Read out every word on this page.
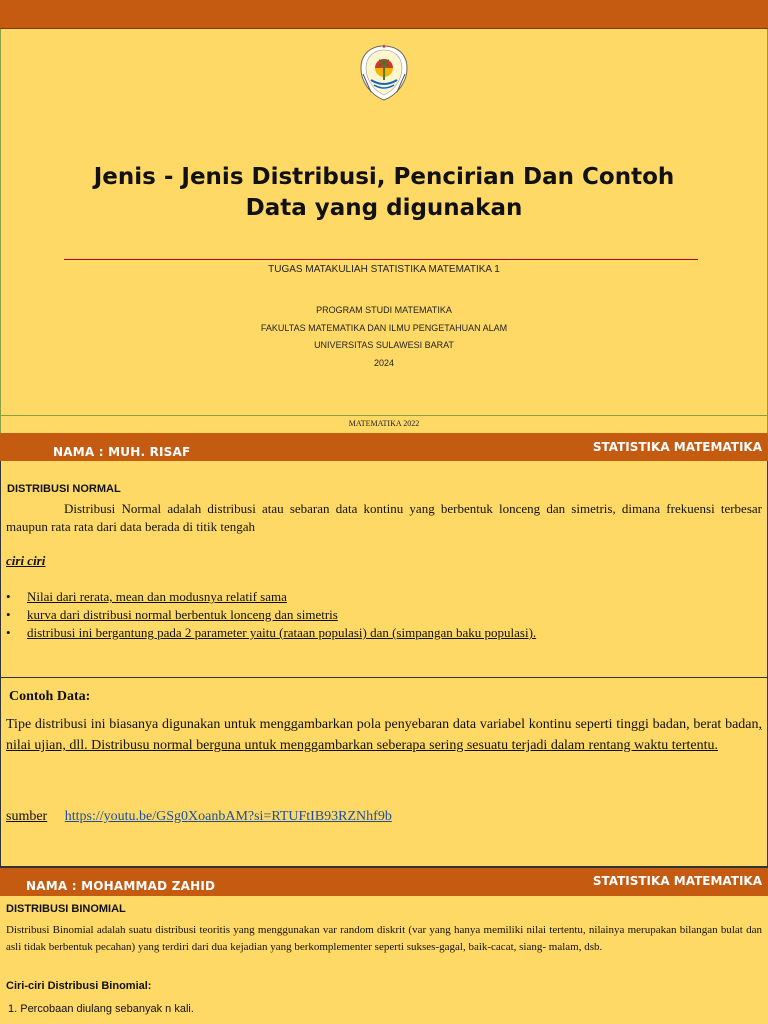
Jenis - Jenis Distribusi, Pencirian Dan Contoh
Data yang digunakan
TUGAS MATAKULIAH STATISTIKA MATEMATIKA 1
PROGRAM STUDI MATEMATIKA
FAKULTAS MATEMATIKA DAN ILMU PENGETAHUAN ALAM
UNIVERSITAS SULAWESI BARAT
2024
MATEMATIKA 2022
NAMA : MUH. RISAF	STATISTIKA MATEMATIKA
DISTRIBUSI NORMAL
Distribusi Normal adalah distribusi atau sebaran data kontinu yang berbentuk lonceng dan simetris, dimana frekuensi terbesar maupun rata rata dari data berada di titik tengah
ciri ciri
• Nilai dari rerata, mean dan modusnya relatif sama
• kurva dari distribusi normal berbentuk lonceng dan simetris
• distribusi ini bergantung pada 2 parameter yaitu (rataan populasi) dan (simpangan baku populasi).
Contoh Data:
Tipe distribusi ini biasanya digunakan untuk menggambarkan pola penyebaran data variabel kontinu seperti tinggi badan, berat badan, nilai ujian, dll. Distribusu normal berguna untuk menggambarkan seberapa sering sesuatu terjadi dalam rentang waktu tertentu.
sumber https://youtu.be/GSg0XoanbAM?si=RTUFtIB93RZNhf9b
NAMA : MOHAMMAD ZAHID	STATISTIKA MATEMATIKA
DISTRIBUSI BINOMIAL
Distribusi Binomial adalah suatu distribusi teoritis yang menggunakan var random diskrit (var yang hanya memiliki nilai tertentu, nilainya merupakan bilangan bulat dan asli tidak berbentuk pecahan) yang terdiri dari dua kejadian yang berkomplementer seperti sukses-gagal, baik-cacat, siang- malam, dsb.
Ciri-ciri Distribusi Binomial:
1. Percobaan diulang sebanyak n kali.
